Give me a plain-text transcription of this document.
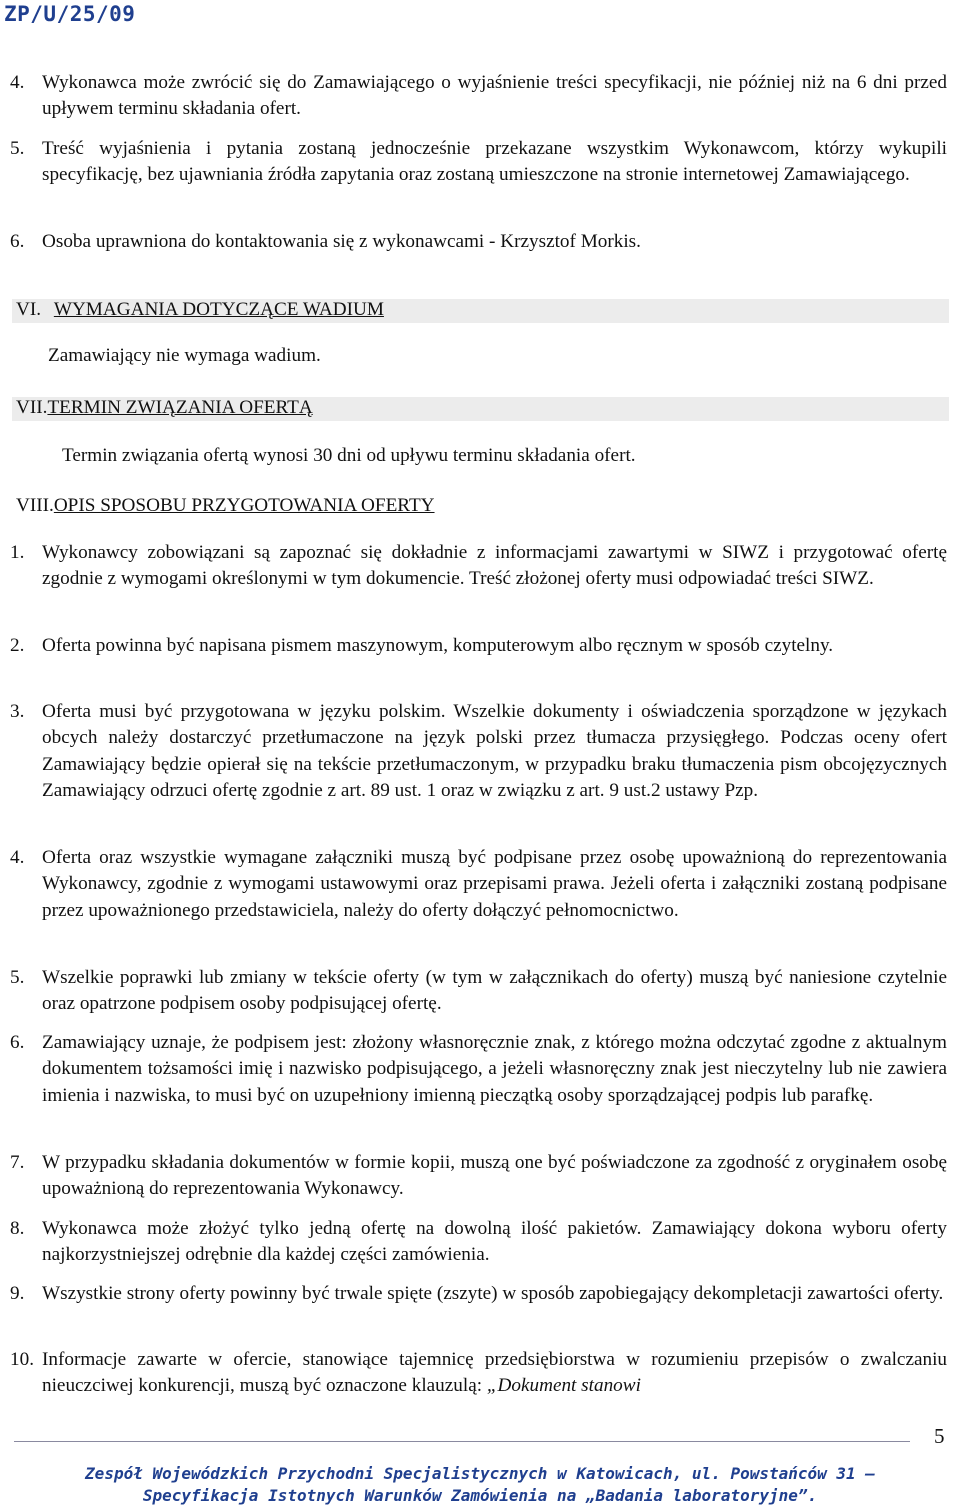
ZP/U/25/09
4. Wykonawca może zwrócić się do Zamawiającego o wyjaśnienie treści specyfikacji, nie później niż na 6 dni przed upływem terminu składania ofert.
5. Treść wyjaśnienia i pytania zostaną jednocześnie przekazane wszystkim Wykonawcom, którzy wykupili specyfikację, bez ujawniania źródła zapytania oraz zostaną umieszczone na stronie internetowej Zamawiającego.
6. Osoba uprawniona do kontaktowania się z wykonawcami - Krzysztof Morkis.
VI. WYMAGANIA DOTYCZĄCE WADIUM
Zamawiający nie wymaga wadium.
VII.TERMIN ZWIĄZANIA OFERTĄ
Termin związania ofertą wynosi 30 dni od upływu terminu składania ofert.
VIII.OPIS SPOSOBU PRZYGOTOWANIA OFERTY
1. Wykonawcy zobowiązani są zapoznać się dokładnie z informacjami zawartymi w SIWZ i przygotować ofertę zgodnie z wymogami określonymi w tym dokumencie. Treść złożonej oferty musi odpowiadać treści SIWZ.
2. Oferta powinna być napisana pismem maszynowym, komputerowym albo ręcznym w sposób czytelny.
3. Oferta musi być przygotowana w języku polskim. Wszelkie dokumenty i oświadczenia sporządzone w językach obcych należy dostarczyć przetłumaczone na język polski przez tłumacza przysięgłego. Podczas oceny ofert Zamawiający będzie opierał się na tekście przetłumaczonym, w przypadku braku tłumaczenia pism obcojęzycznych Zamawiający odrzuci ofertę zgodnie z art. 89 ust. 1 oraz w związku z art. 9 ust.2 ustawy Pzp.
4. Oferta oraz wszystkie wymagane załączniki muszą być podpisane przez osobę upoważnioną do reprezentowania Wykonawcy, zgodnie z wymogami ustawowymi oraz przepisami prawa. Jeżeli oferta i załączniki zostaną podpisane przez upoważnionego przedstawiciela, należy do oferty dołączyć pełnomocnictwo.
5. Wszelkie poprawki lub zmiany w tekście oferty (w tym w załącznikach do oferty) muszą być naniesione czytelnie oraz opatrzone podpisem osoby podpisującej ofertę.
6. Zamawiający uznaje, że podpisem jest: złożony własnoręcznie znak, z którego można odczytać zgodne z aktualnym dokumentem tożsamości imię i nazwisko podpisującego, a jeżeli własnoręczny znak jest nieczytelny lub nie zawiera imienia i nazwiska, to musi być on uzupełniony imienną pieczątką osoby sporządzającej podpis lub parafkę.
7. W przypadku składania dokumentów w formie kopii, muszą one być poświadczone za zgodność z oryginałem osobę upoważnioną do reprezentowania Wykonawcy.
8. Wykonawca może złożyć tylko jedną ofertę na dowolną ilość pakietów. Zamawiający dokona wyboru oferty najkorzystniejszej odrębnie dla każdej części zamówienia.
9. Wszystkie strony oferty powinny być trwale spięte (zszyte) w sposób zapobiegający dekompletacji zawartości oferty.
10. Informacje zawarte w ofercie, stanowiące tajemnicę przedsiębiorstwa w rozumieniu przepisów o zwalczaniu nieuczciwej konkurencji, muszą być oznaczone klauzulą: „Dokument stanowi
5
Zespół Wojewódzkich Przychodni Specjalistycznych w Katowicach, ul. Powstańców 31 –
Specyfikacja Istotnych Warunków Zamówienia na „Badania laboratoryjne”.
